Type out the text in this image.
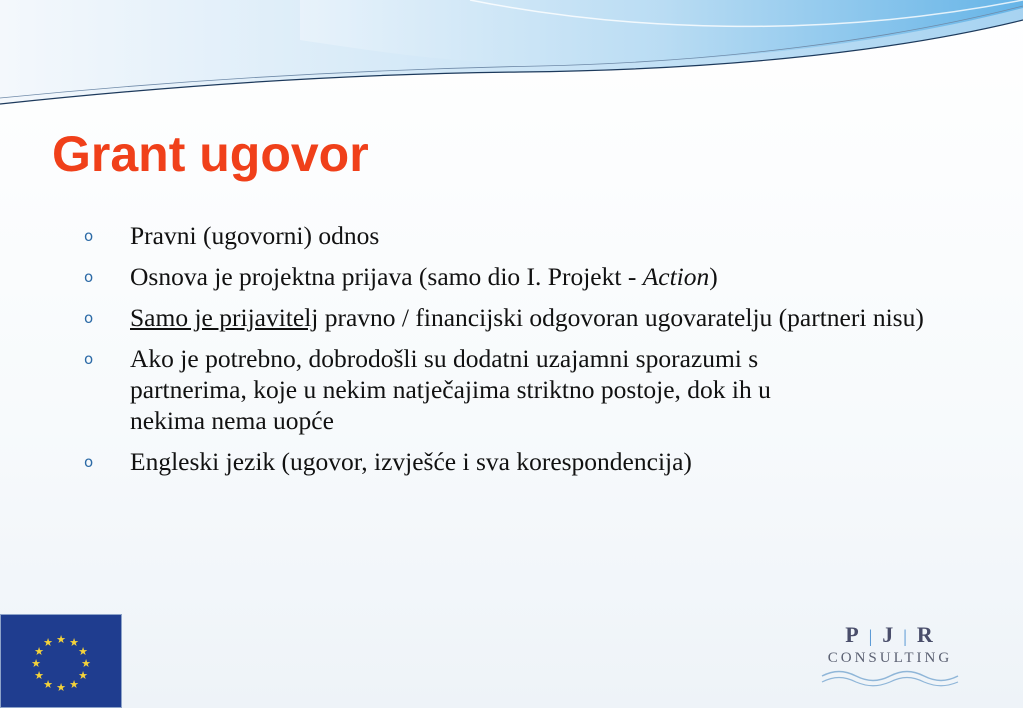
Grant ugovor
o Pravni (ugovorni) odnos
o Osnova je projektna prijava (samo dio I. Projekt - Action)
o Samo je prijavitelj pravno / financijski odgovoran ugovaratelju (partneri nisu)
o Ako je potrebno, dobrodošli su dodatni uzajamni sporazumi s partnerima, koje u nekim natječajima striktno postoje, dok ih u nekima nema uopće
o Engleski jezik (ugovor, izvješće i sva korespondencija)
★ ★
★
★
★
★
★
★
★
★
★
★	P | J | R
CONSULTING
